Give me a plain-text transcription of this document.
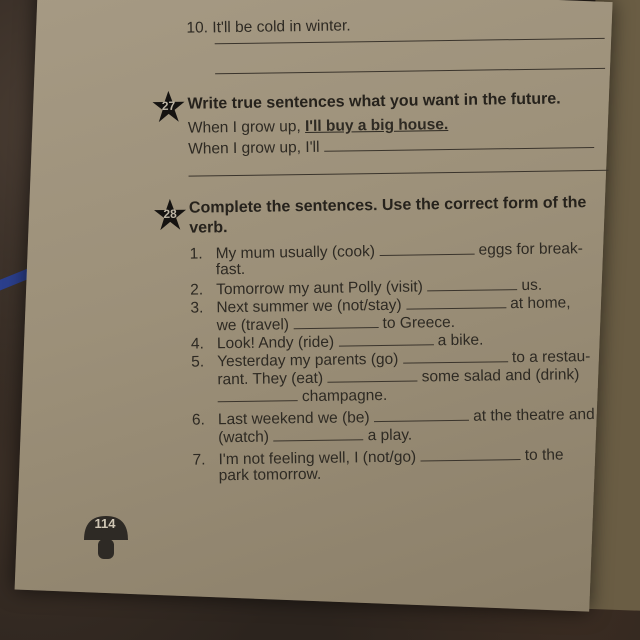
10. It'll be cold in winter.
27 Write true sentences what you want in the future.
When I grow up, I'll buy a big house.
When I grow up, I'll
28 Complete the sentences. Use the correct form of the
verb.
1. My mum usually (cook)	eggs for break-
fast.
2. Tomorrow my aunt Polly (visit)	us.
3. Next summer we (not/stay)	at home,
we (travel)	to Greece.
4. Look! Andy (ride)	a bike.
5. Yesterday my parents (go)	to a restau-
rant. They (eat)	some salad and (drink)
champagne.
6. Last weekend we (be)	at the theatre and
(watch)	a play.
7. I'm not feeling well, I (not/go)	to the
park tomorrow.
114
